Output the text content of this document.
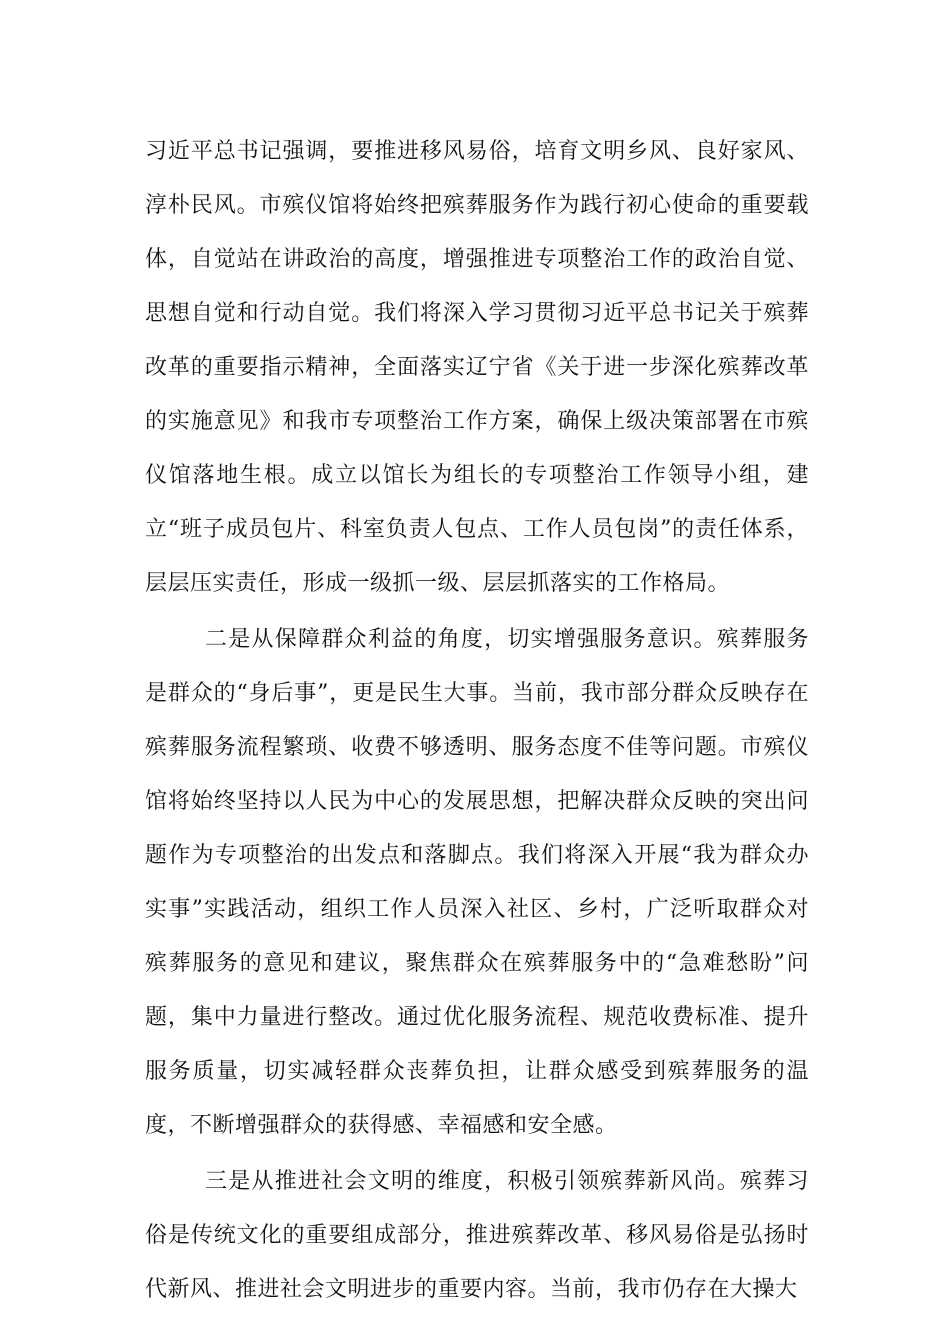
习近平总书记强调，要推进移风易俗，培育文明乡风、良好家风、淳朴民风。市殡仪馆将始终把殡葬服务作为践行初心使命的重要载体，自觉站在讲政治的高度，增强推进专项整治工作的政治自觉、思想自觉和行动自觉。我们将深入学习贯彻习近平总书记关于殡葬改革的重要指示精神，全面落实辽宁省《关于进一步深化殡葬改革的实施意见》和我市专项整治工作方案，确保上级决策部署在市殡仪馆落地生根。成立以馆长为组长的专项整治工作领导小组，建立“班子成员包片、科室负责人包点、工作人员包岗”的责任体系，层层压实责任，形成一级抓一级、层层抓落实的工作格局。

二是从保障群众利益的角度，切实增强服务意识。殡葬服务是群众的“身后事”，更是民生大事。当前，我市部分群众反映存在殡葬服务流程繁琐、收费不够透明、服务态度不佳等问题。市殡仪馆将始终坚持以人民为中心的发展思想，把解决群众反映的突出问题作为专项整治的出发点和落脚点。我们将深入开展“我为群众办实事”实践活动，组织工作人员深入社区、乡村，广泛听取群众对殡葬服务的意见和建议，聚焦群众在殡葬服务中的“急难愁盼”问题，集中力量进行整改。通过优化服务流程、规范收费标准、提升服务质量，切实减轻群众丧葬负担，让群众感受到殡葬服务的温度，不断增强群众的获得感、幸福感和安全感。

三是从推进社会文明的维度，积极引领殡葬新风尚。殡葬习俗是传统文化的重要组成部分，推进殡葬改革、移风易俗是弘扬时代新风、推进社会文明进步的重要内容。当前，我市仍存在大操大
